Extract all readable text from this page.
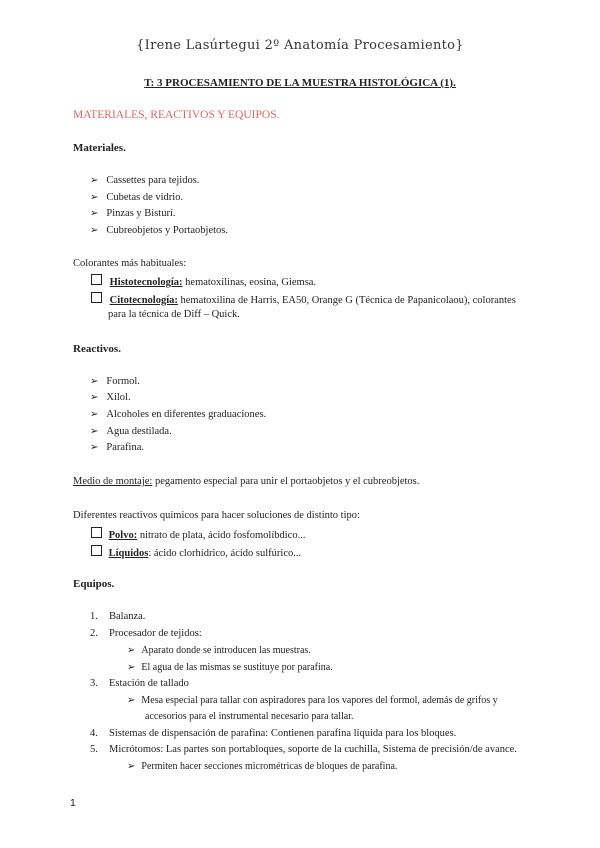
{Irene Lasúrtegui 2º Anatomía Procesamiento}
T: 3 PROCESAMIENTO DE LA MUESTRA HISTOLÓGICA (1).
MATERIALES, REACTIVOS Y EQUIPOS.
Materiales.
➢ Cassettes para tejidos.
➢ Cubetas de vidrio.
➢ Pinzas y Bisturí.
➢ Cubreobjetos y Portaobjetos.
Colorantes más habituales:
Histotecnología: hematoxilinas, eosina, Giemsa.
Citotecnología: hematoxilina de Harris, EA50, Orange G (Técnica de Papanicolaou), colorantes
para la técnica de Diff – Quick.
Reactivos.
➢ Formol.
➢ Xilol.
➢ Alcoholes en diferentes graduaciones.
➢ Agua destilada.
➢ Parafina.
Medio de montaje: pegamento especial para unir el portaobjetos y el cubreobjetos.
Diferentes reactivos químicos para hacer soluciones de distinto tipo:
Polvo: nitrato de plata, ácido fosfomolíbdico...
Líquidos: ácido clorhídrico, ácido sulfúrico...
Equipos.
1. Balanza.
2. Procesador de tejidos:
➢ Aparato donde se introducen las muestras.
➢ El agua de las mismas se sustituye por parafina.
3. Estación de tallado
➢ Mesa especial para tallar con aspiradores para los vapores del formol, además de grifos y
accesorios para el instrumental necesario para tallar.
4. Sistemas de dispensación de parafina: Contienen parafina líquida para los bloques.
5. Micrótomos: Las partes son portabloques, soporte de la cuchilla, Sistema de precisión/de avance.
➢ Permiten hacer secciones micrométricas de bloques de parafina.
1
